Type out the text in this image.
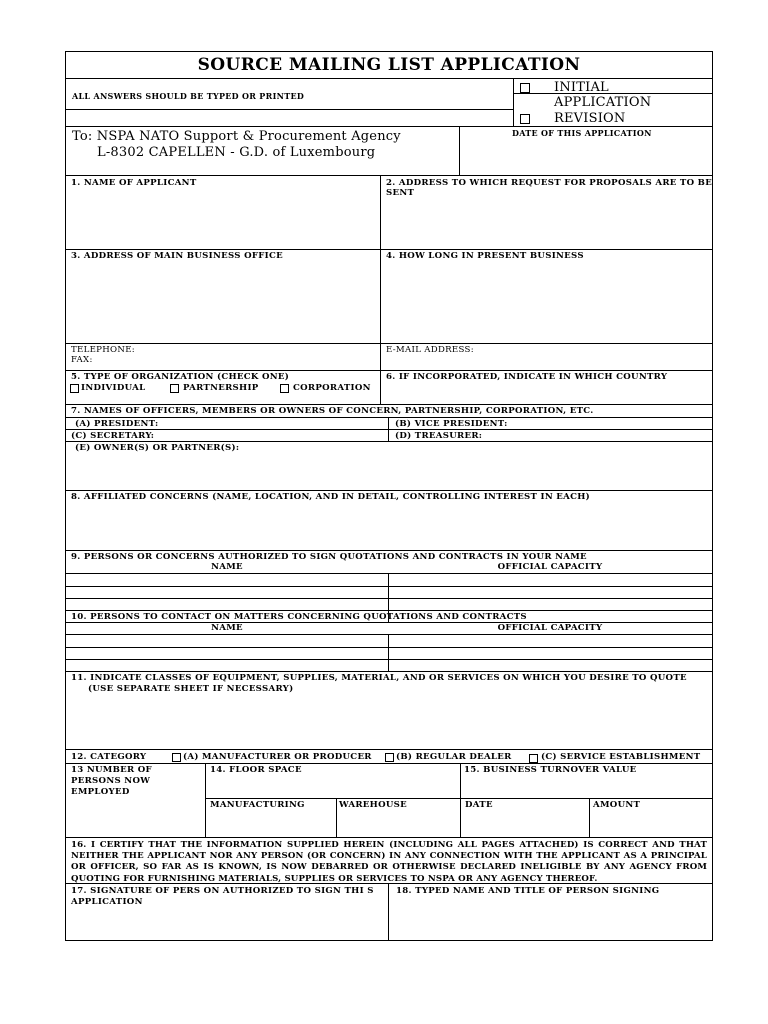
SOURCE MAILING LIST APPLICATION
ALL ANSWERS SHOULD BE TYPED OR PRINTED
INITIAL
APPLICATION
REVISION
To: NSPA NATO Support & Procurement Agency
L-8302 CAPELLEN - G.D. of Luxembourg
DATE OF THIS APPLICATION
1. NAME OF APPLICANT	2. ADDRESS TO WHICH REQUEST FOR PROPOSALS ARE TO BE
SENT
3. ADDRESS OF MAIN BUSINESS OFFICE	4. HOW LONG IN PRESENT BUSINESS
TELEPHONE:
FAX:
E-MAIL ADDRESS:
5. TYPE OF ORGANIZATION (CHECK ONE)
INDIVIDUAL	PARTNERSHIP	CORPORATION
6. IF INCORPORATED, INDICATE IN WHICH COUNTRY
7. NAMES OF OFFICERS, MEMBERS OR OWNERS OF CONCERN, PARTNERSHIP, CORPORATION, ETC.
(A) PRESIDENT:	(B) VICE PRESIDENT:
(C) SECRETARY:	(D) TREASURER:
(E) OWNER(S) OR PARTNER(S):
8. AFFILIATED CONCERNS (NAME, LOCATION, AND IN DETAIL, CONTROLLING INTEREST IN EACH)
9. PERSONS OR CONCERNS AUTHORIZED TO SIGN QUOTATIONS AND CONTRACTS IN YOUR NAME
NAME	OFFICIAL CAPACITY
10. PERSONS TO CONTACT ON MATTERS CONCERNING QUOTATIONS AND CONTRACTS
NAME	OFFICIAL CAPACITY
11. INDICATE CLASSES OF EQUIPMENT, SUPPLIES, MATERIAL, AND OR SERVICES ON WHICH YOU DESIRE TO QUOTE
(USE SEPARATE SHEET IF NECESSARY)
12. CATEGORY	(A) MANUFACTURER OR PRODUCER	(B) REGULAR DEALER	(C) SERVICE ESTABLISHMENT
13 NUMBER OF
PERSONS NOW
EMPLOYED
14. FLOOR SPACE	15. BUSINESS TURNOVER VALUE
MANUFACTURING	WAREHOUSE	DATE	AMOUNT
16. I CERTIFY THAT THE INFORMATION SUPPLIED HEREIN (INCLUDING ALL PAGES ATTACHED) IS CORRECT AND THAT NEITHER THE APPLICANT NOR ANY PERSON (OR CONCERN) IN ANY CONNECTION WITH THE APPLICANT AS A PRINCIPAL OR OFFICER, SO FAR AS IS KNOWN, IS NOW DEBARRED OR OTHERWISE DECLARED INELIGIBLE BY ANY AGENCY FROM QUOTING FOR FURNISHING MATERIALS, SUPPLIES OR SERVICES TO NSPA OR ANY AGENCY THEREOF.
17. SIGNATURE OF PERS ON AUTHORIZED TO SIGN THI S
APPLICATION
18. TYPED NAME AND TITLE OF PERSON SIGNING
